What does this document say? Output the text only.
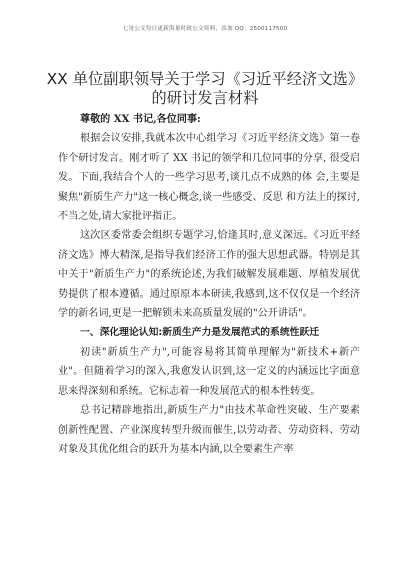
七哥公文每日更新海量时政公文资料，添加 QQ：2500117500
XX 单位副职领导关于学习《习近平经济文选》
的研讨发言材料
尊敬的 XX 书记,各位同事:

根据会议安排,我就本次中心组学习《习近平经济文选》第一卷作个研讨发言。刚才听了 XX 书记的领学和几位同事的分享, 很受启发。下面,我结合个人的一些学习思考,谈几点不成熟的体 会,主要是聚焦"新质生产力"这一核心概念,谈一些感受、反思 和方法上的探讨,不当之处,请大家批评指正。

这次区委常委会组织专题学习,恰逢其时,意义深远。《习近平经济文选》博大精深,是指导我们经济工作的强大思想武器。特别是其中关于"新质生产力"的系统论述,为我们破解发展难题、厚植发展优势提供了根本遵循。通过原原本本研读,我感到,这不仅仅是一个经济学的新名词,更是一把解锁未来高质量发展的"公开讲话"。

一、深化理论认知:新质生产力是发展范式的系统性跃迁

初读"新质生产力",可能容易将其简单理解为"新技术+新产业"。但随着学习的深入,我愈发认识到,这一定义的内涵远比字面意思来得深刻和系统。它标志着一种发展范式的根本性转变。

总书记精辟地指出,新质生产力"由技术革命性突破、生产要素创新性配置、产业深度转型升级而催生,以劳动者、劳动资料、劳动对象及其优化组合的跃升为基本内涵,以全要素生产率
